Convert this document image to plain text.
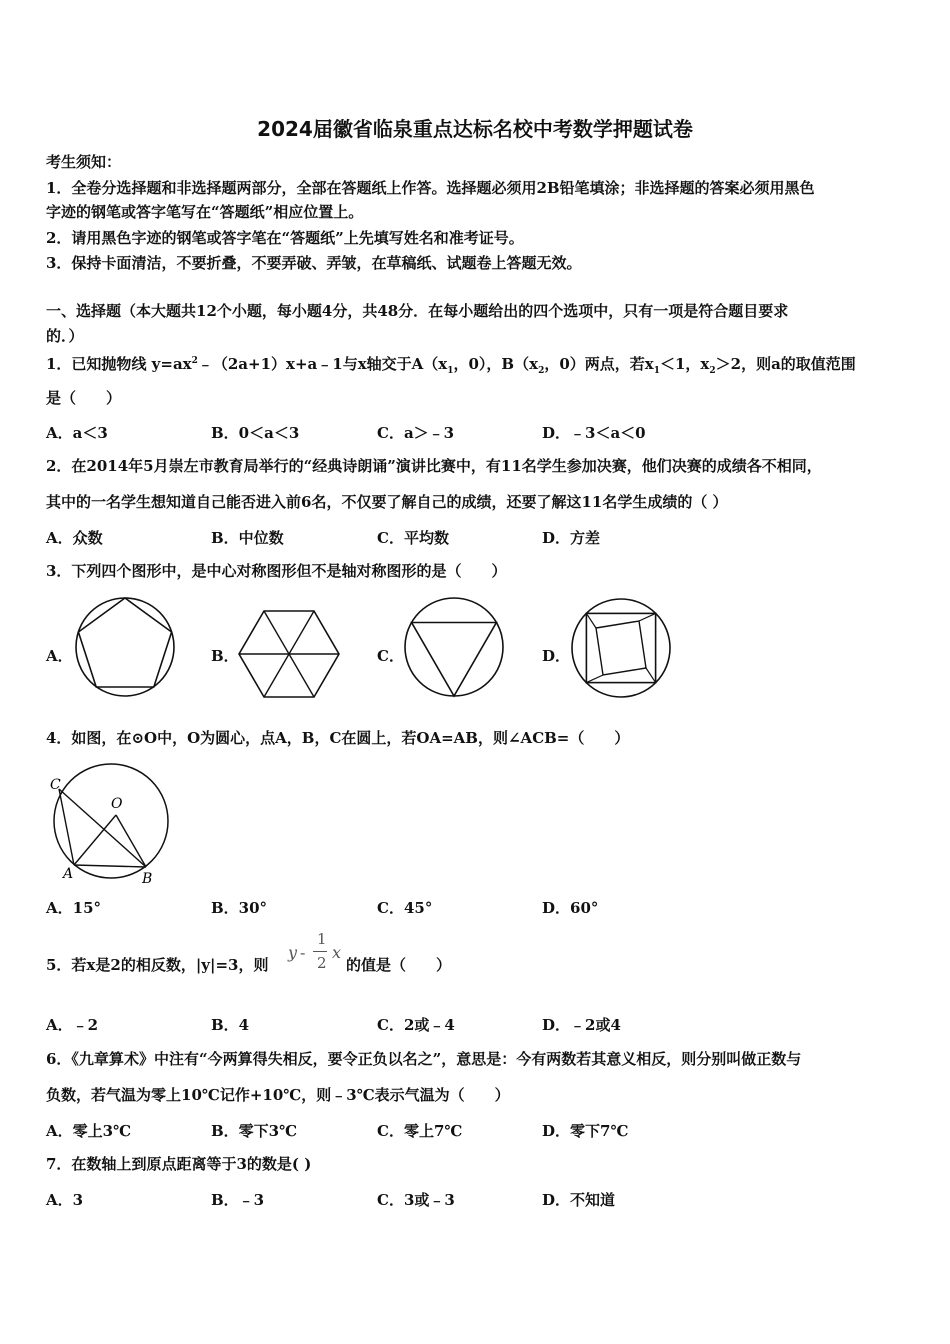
2024届徽省临泉重点达标名校中考数学押题试卷
考生须知：
1．全卷分选择题和非选择题两部分，全部在答题纸上作答。选择题必须用2B铅笔填涂；非选择题的答案必须用黑色
字迹的钢笔或答字笔写在“答题纸”相应位置上。
2．请用黑色字迹的钢笔或答字笔在“答题纸”上先填写姓名和准考证号。
3．保持卡面清洁，不要折叠，不要弄破、弄皱，在草稿纸、试题卷上答题无效。
一、选择题（本大题共12个小题，每小题4分，共48分．在每小题给出的四个选项中，只有一项是符合题目要求
的．）
1．已知抛物线 $y=ax^2﹣(2a+1)x+a﹣1$与x轴交于$A(x_1$，0），$B(x_2$，0）两点，若$x_1<1$，$x_2>2$，则a的取值范围
是（　　）
A．a＜3	B．0＜a＜3	C．a＞﹣3	D．﹣3＜a＜0
2．在2014年5月崇左市教育局举行的“经典诗朗诵”演讲比赛中，有11名学生参加决赛，他们决赛的成绩各不相同，
其中的一名学生想知道自己能否进入前6名，不仅要了解自己的成绩，还要了解这11名学生成绩的（ ）
A．众数	B．中位数	C．平均数	D．方差
3．下列四个图形中，是中心对称图形但不是轴对称图形的是（　　）
A．	B．	C．	D．
4．如图，在⊙O中，O为圆心，点A，B，C在圆上，若OA=AB，则∠ACB=（　　）
C
O
A	B
A．15°	B．30°	C．45°	D．60°
5．若x是2的相反数，|y|=3，则
y -
1
2
x
的值是（　　）
A．﹣2	B．4	C．2或﹣4	D．﹣2或4
6．《九章算术》中注有“今两算得失相反，要令正负以名之”，意思是：今有两数若其意义相反，则分别叫做正数与
负数，若气温为零上10℃记作+10℃，则﹣3℃表示气温为（　　）
A．零上3℃	B．零下3℃	C．零上7℃	D．零下7℃
7．在数轴上到原点距离等于3的数是( )
A．3	B．﹣3	C．3或﹣3	D．不知道
